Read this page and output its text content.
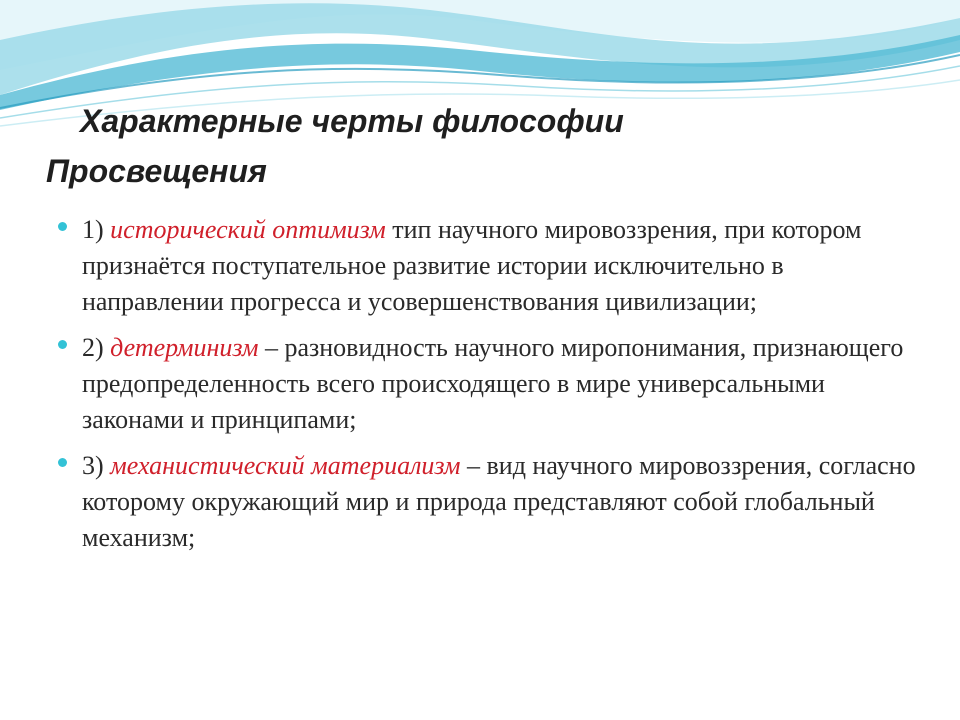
Характерные черты философии
Просвещения
1) исторический оптимизм тип научного мировоззрения, при котором признаётся поступательное развитие истории исключительно в направлении прогресса и усовершенствования цивилизации;
2) детерминизм – разновидность научного миропонимания, признающего предопределенность всего происходящего в мире универсальными законами и принципами;
3) механистический материализм – вид научного мировоззрения, согласно которому окружающий мир и природа представляют собой глобальный механизм;
